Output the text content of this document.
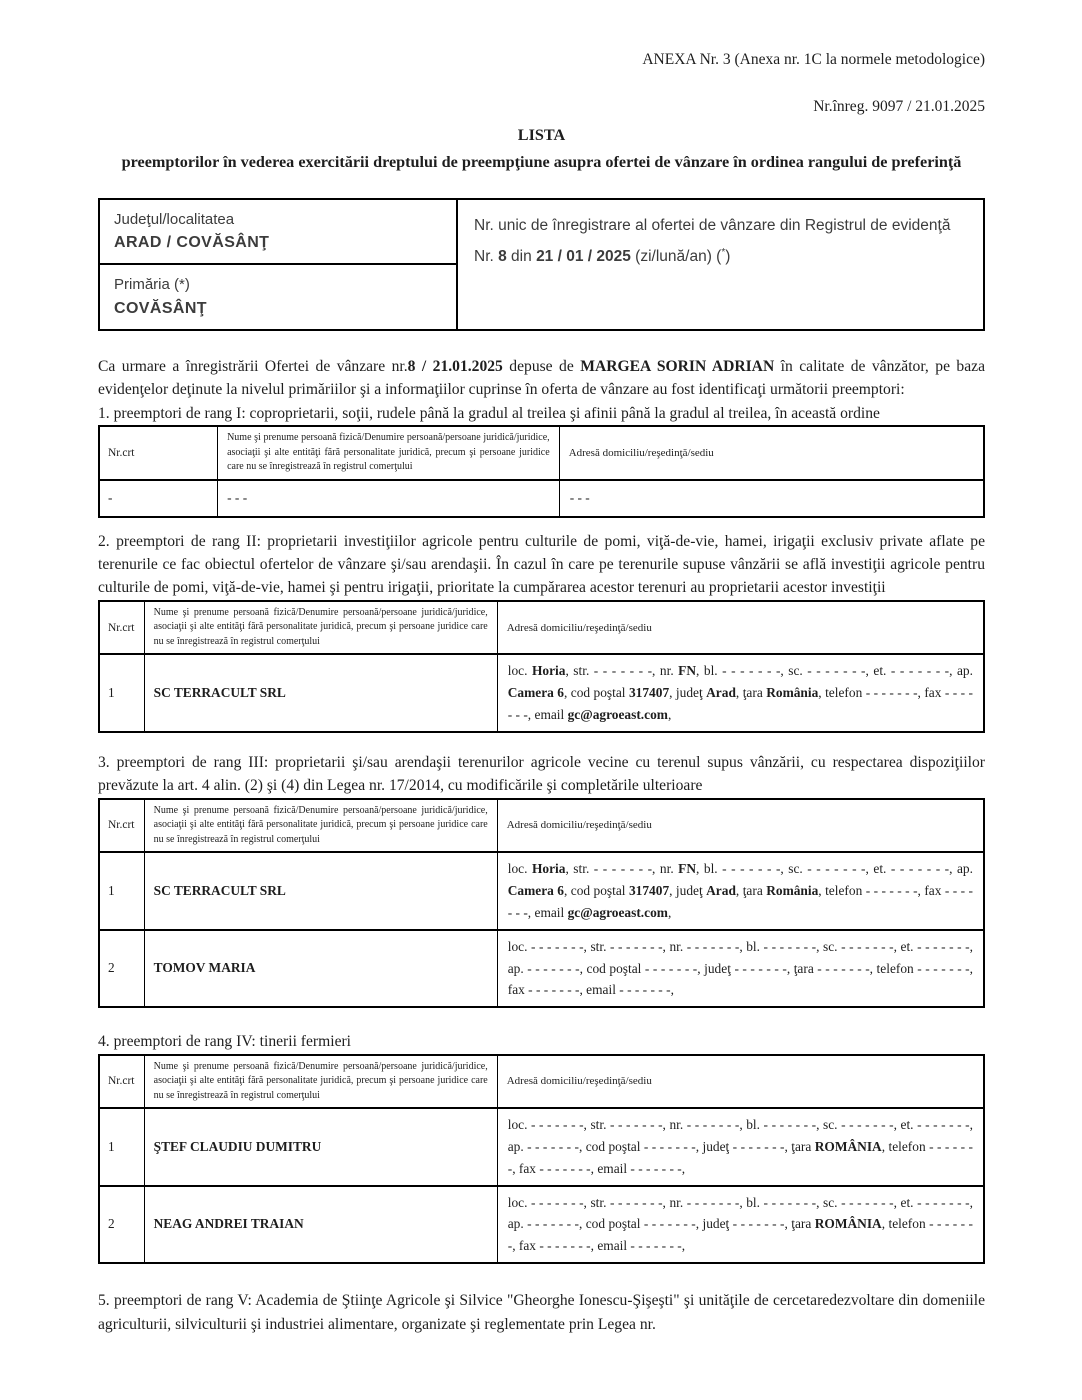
ANEXA Nr. 3 (Anexa nr. 1C la normele metodologice)
Nr.înreg. 9097 / 21.01.2025
LISTA
preemptorilor în vederea exercitării dreptului de preempţiune asupra ofertei de vânzare în ordinea rangului de preferinţă
Judeţul/localitatea
ARAD / COVĂSÂNŢ
Primăria (*)
COVĂSÂNŢ
Nr. unic de înregistrare al ofertei de vânzare din Registrul de evidenţă
Nr. 8 din 21 / 01 / 2025 (zi/lună/an) (*)

Ca urmare a înregistrării Ofertei de vânzare nr.8 / 21.01.2025 depuse de MARGEA SORIN ADRIAN în calitate de vânzător, pe baza evidenţelor deţinute la nivelul primăriilor şi a informaţiilor cuprinse în oferta de vânzare au fost identificaţi următorii preemptori:

1. preemptori de rang I: coproprietarii, soţii, rudele până la gradul al treilea şi afinii până la gradul al treilea, în această ordine
Nr.crt	Nume şi prenume persoană fizică/Denumire persoană/persoane juridică/juridice, asociaţii şi alte entităţi fără personalitate juridică, precum şi persoane juridice care nu se înregistrează în registrul comerţului	Adresă domiciliu/reşedinţă/sediu
-	- - -	- - -
2. preemptori de rang II: proprietarii investiţiilor agricole pentru culturile de pomi, viţă-de-vie, hamei, irigaţii exclusiv private aflate pe terenurile ce fac obiectul ofertelor de vânzare şi/sau arendaşii. În cazul în care pe terenurile supuse vânzării se află investiţii agricole pentru culturile de pomi, viţă-de-vie, hamei şi pentru irigaţii, prioritate la cumpărarea acestor terenuri au proprietarii acestor investiţii
Nr.crt	Nume şi prenume persoană fizică/Denumire persoană/persoane juridică/juridice, asociaţii şi alte entităţi fără personalitate juridică, precum şi persoane juridice care nu se înregistrează în registrul comerţului	Adresă domiciliu/reşedinţă/sediu
1	SC TERRACULT SRL	loc. Horia, str. - - - - - - -, nr. FN, bl. - - - - - - -, sc. - - - - - - -, et. - - - - - - -, ap. Camera 6, cod poştal 317407, judeţ Arad, ţara România, telefon - - - - - - -, fax - - - - - - -, email gc@agroeast.com,
3. preemptori de rang III: proprietarii şi/sau arendaşii terenurilor agricole vecine cu terenul supus vânzării, cu respectarea dispoziţiilor prevăzute la art. 4 alin. (2) şi (4) din Legea nr. 17/2014, cu modificările şi completările ulterioare
Nr.crt	Nume şi prenume persoană fizică/Denumire persoană/persoane juridică/juridice, asociaţii şi alte entităţi fără personalitate juridică, precum şi persoane juridice care nu se înregistrează în registrul comerţului	Adresă domiciliu/reşedinţă/sediu
1	SC TERRACULT SRL	loc. Horia, str. - - - - - - -, nr. FN, bl. - - - - - - -, sc. - - - - - - -, et. - - - - - - -, ap. Camera 6, cod poştal 317407, judeţ Arad, ţara România, telefon - - - - - - -, fax - - - - - - -, email gc@agroeast.com,
2	TOMOV MARIA	loc. - - - - - - -, str. - - - - - - -, nr. - - - - - - -, bl. - - - - - - -, sc. - - - - - - -, et. - - - - - - -, ap. - - - - - - -, cod poştal - - - - - - -, judeţ - - - - - - -, ţara - - - - - - -, telefon - - - - - - -, fax - - - - - - -, email - - - - - - -,
4. preemptori de rang IV: tinerii fermieri
Nr.crt	Nume şi prenume persoană fizică/Denumire persoană/persoane juridică/juridice, asociaţii şi alte entităţi fără personalitate juridică, precum şi persoane juridice care nu se înregistrează în registrul comerţului	Adresă domiciliu/reşedinţă/sediu
1	ŞTEF CLAUDIU DUMITRU	loc. - - - - - - -, str. - - - - - - -, nr. - - - - - - -, bl. - - - - - - -, sc. - - - - - - -, et. - - - - - - -, ap. - - - - - - -, cod poştal - - - - - - -, judeţ - - - - - - -, ţara ROMÂNIA, telefon - - - - - - -, fax - - - - - - -, email - - - - - - -,
2	NEAG ANDREI TRAIAN	loc. - - - - - - -, str. - - - - - - -, nr. - - - - - - -, bl. - - - - - - -, sc. - - - - - - -, et. - - - - - - -, ap. - - - - - - -, cod poştal - - - - - - -, judeţ - - - - - - -, ţara ROMÂNIA, telefon - - - - - - -, fax - - - - - - -, email - - - - - - -,
5. preemptori de rang V: Academia de Ştiinţe Agricole şi Silvice "Gheorghe Ionescu-Şişeşti" şi unităţile de cercetaredezvoltare din domeniile agriculturii, silviculturii şi industriei alimentare, organizate şi reglementate prin Legea nr.
